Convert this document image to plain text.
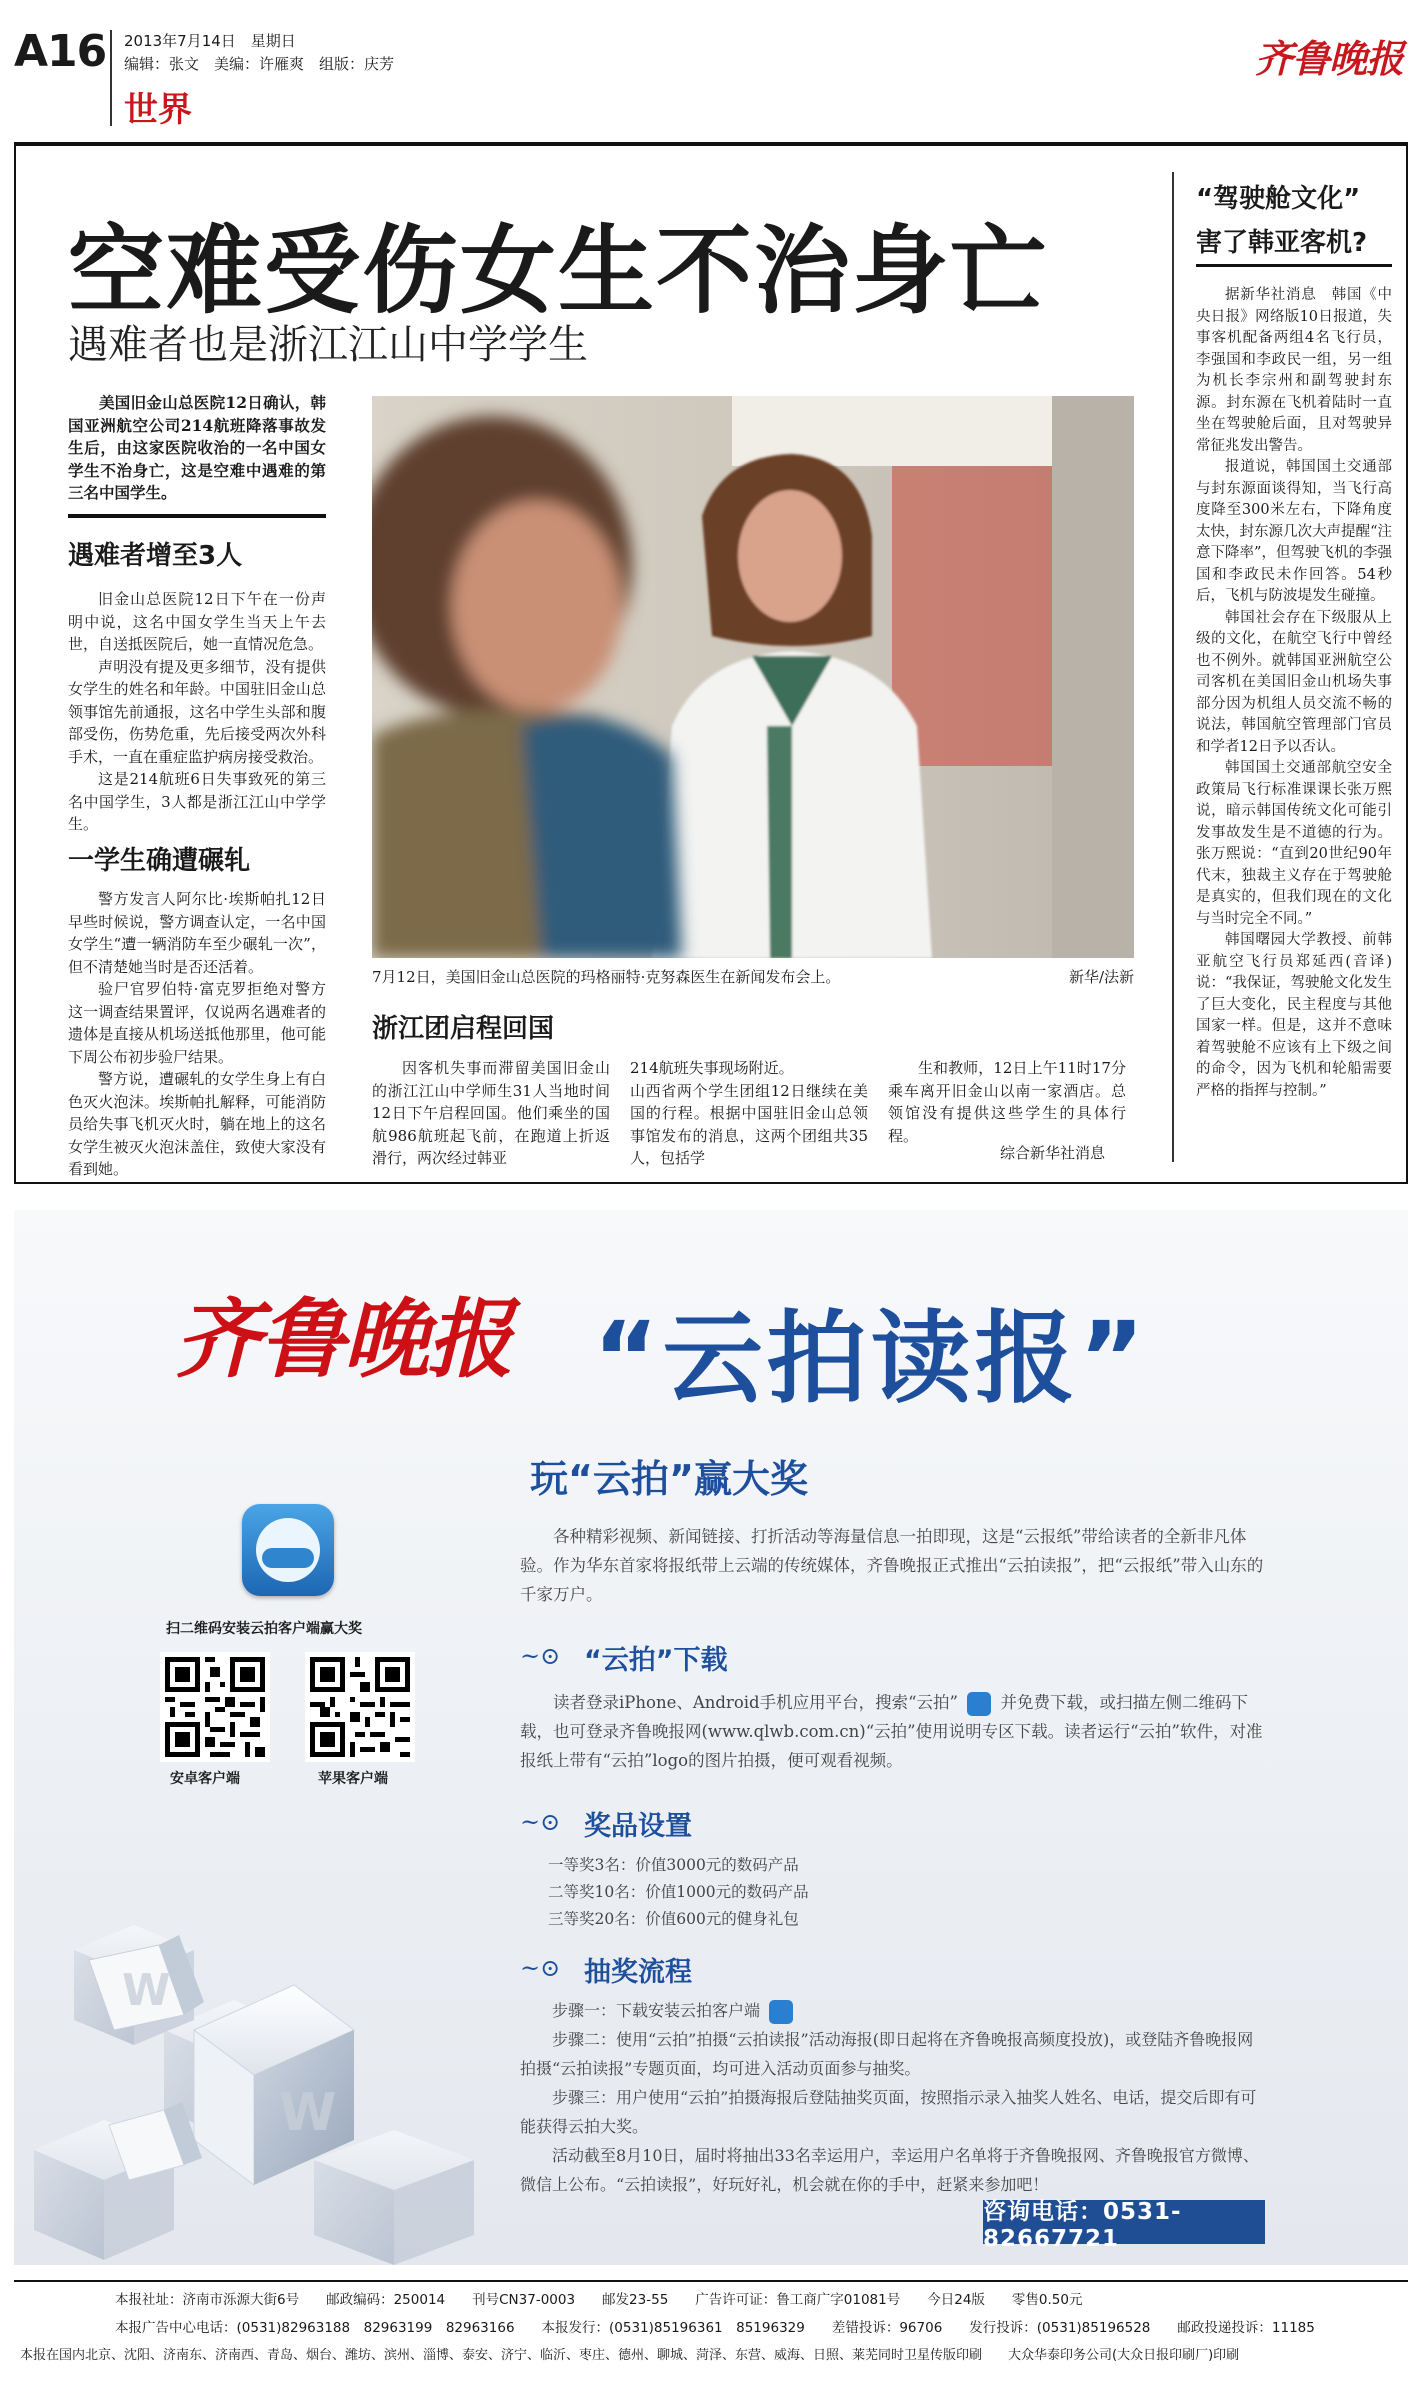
A16 2013年7月14日　星期日
编辑：张文　美编：许雁爽　组版：庆芳
世界
齐鲁晚报
空难受伤女生不治身亡
遇难者也是浙江江山中学学生
美国旧金山总医院12日确认，韩国亚洲航空公司214航班降落事故发生后，由这家医院收治的一名中国女学生不治身亡，这是空难中遇难的第三名中国学生。
遇难者增至3人

旧金山总医院12日下午在一份声明中说，这名中国女学生当天上午去世，自送抵医院后，她一直情况危急。

声明没有提及更多细节，没有提供女学生的姓名和年龄。中国驻旧金山总领事馆先前通报，这名中学生头部和腹部受伤，伤势危重，先后接受两次外科手术，一直在重症监护病房接受救治。

这是214航班6日失事致死的第三名中国学生，3人都是浙江江山中学学生。

一学生确遭碾轧

警方发言人阿尔比·埃斯帕扎12日早些时候说，警方调查认定，一名中国女学生“遭一辆消防车至少碾轧一次”，但不清楚她当时是否还活着。

验尸官罗伯特·富克罗拒绝对警方这一调查结果置评，仅说两名遇难者的遗体是直接从机场送抵他那里，他可能下周公布初步验尸结果。

警方说，遭碾轧的女学生身上有白色灭火泡沫。埃斯帕扎解释，可能消防员给失事飞机灭火时，躺在地上的这名女学生被灭火泡沫盖住，致使大家没有看到她。

7月12日，美国旧金山总医院的玛格丽特·克努森医生在新闻发布会上。	新华/法新
浙江团启程回国
因客机失事而滞留美国旧金山的浙江江山中学师生31人当地时间12日下午启程回国。他们乘坐的国航986航班起飞前，在跑道上折返滑行，两次经过韩亚
214航班失事现场附近。
山西省两个学生团组12日继续在美国的行程。根据中国驻旧金山总领事馆发布的消息，这两个团组共35人，包括学
生和教师，12日上午11时17分乘车离开旧金山以南一家酒店。总领馆没有提供这些学生的具体行程。
综合新华社消息
“驾驶舱文化”
害了韩亚客机?

据新华社消息　韩国《中央日报》网络版10日报道，失事客机配备两组4名飞行员，李强国和李政民一组，另一组为机长李宗州和副驾驶封东源。封东源在飞机着陆时一直坐在驾驶舱后面，且对驾驶异常征兆发出警告。

报道说，韩国国土交通部与封东源面谈得知，当飞行高度降至300米左右，下降角度太快，封东源几次大声提醒“注意下降率”，但驾驶飞机的李强国和李政民未作回答。54秒后，飞机与防波堤发生碰撞。

韩国社会存在下级服从上级的文化，在航空飞行中曾经也不例外。就韩国亚洲航空公司客机在美国旧金山机场失事部分因为机组人员交流不畅的说法，韩国航空管理部门官员和学者12日予以否认。

韩国国土交通部航空安全政策局飞行标准课课长张万熙说，暗示韩国传统文化可能引发事故发生是不道德的行为。张万熙说：“直到20世纪90年代末，独裁主义存在于驾驶舱是真实的，但我们现在的文化与当时完全不同。”

韩国曙园大学教授、前韩亚航空飞行员郑延西(音译)说：“我保证，驾驶舱文化发生了巨大变化，民主程度与其他国家一样。但是，这并不意味着驾驶舱不应该有上下级之间的命令，因为飞机和轮船需要严格的指挥与控制。”

W
W
齐鲁晚报 “云拍读报”
扫二维码安装云拍客户端赢大奖
安卓客户端	苹果客户端
玩“云拍”赢大奖
各种精彩视频、新闻链接、打折活动等海量信息一拍即现，这是“云报纸”带给读者的全新非凡体验。作为华东首家将报纸带上云端的传统媒体，齐鲁晚报正式推出“云拍读报”，把“云报纸”带入山东的千家万户。
~⊙ “云拍”下载
读者登录iPhone、Android手机应用平台，搜索“云拍”	并免费下载，或扫描左侧二维码下载，也可登录齐鲁晚报网(www.qlwb.com.cn)“云拍”使用说明专区下载。读者运行“云拍”软件，对准报纸上带有“云拍”logo的图片拍摄，便可观看视频。
~⊙ 奖品设置
一等奖3名：价值3000元的数码产品
二等奖10名：价值1000元的数码产品
三等奖20名：价值600元的健身礼包
~⊙ 抽奖流程
步骤一：下载安装云拍客户端
步骤二：使用“云拍”拍摄“云拍读报”活动海报(即日起将在齐鲁晚报高频度投放)，或登陆齐鲁晚报网拍摄“云拍读报”专题页面，均可进入活动页面参与抽奖。
步骤三：用户使用“云拍”拍摄海报后登陆抽奖页面，按照指示录入抽奖人姓名、电话，提交后即有可能获得云拍大奖。
活动截至8月10日，届时将抽出33名幸运用户，幸运用户名单将于齐鲁晚报网、齐鲁晚报官方微博、微信上公布。“云拍读报”，好玩好礼，机会就在你的手中，赶紧来参加吧！
咨询电话：0531-82667721
本报社址：济南市泺源大街6号　　邮政编码：250014　　刊号CN37-0003　　邮发23-55　　广告许可证：鲁工商广字01081号　　今日24版　　零售0.50元
本报广告中心电话：(0531)82963188　82963199　82963166　　本报发行：(0531)85196361　85196329　　差错投诉：96706　　发行投诉：(0531)85196528　　邮政投递投诉：11185
本报在国内北京、沈阳、济南东、济南西、青岛、烟台、潍坊、滨州、淄博、泰安、济宁、临沂、枣庄、德州、聊城、菏泽、东营、威海、日照、莱芜同时卫星传版印刷　　大众华泰印务公司(大众日报印刷厂)印刷
